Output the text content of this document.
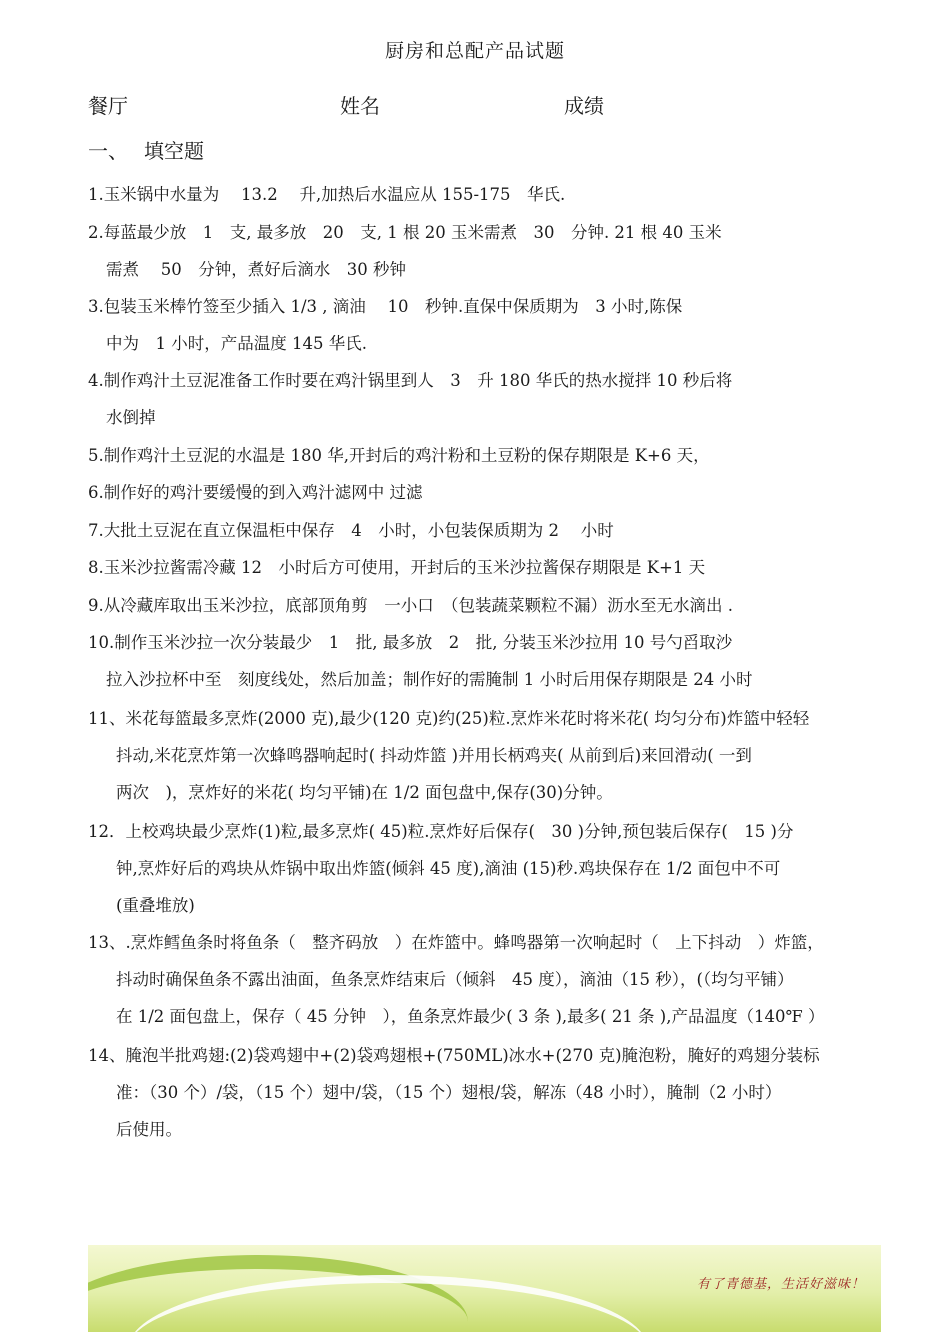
厨房和总配产品试题
餐厅	姓名	成绩
一、 填空题
1.玉米锅中水量为　 13.2　 升,加热后水温应从 155-175　华氏.
2.每蓝最少放　1　支, 最多放　20　支, 1 根 20 玉米需煮　30　分钟. 21 根 40 玉米
需煮　 50　分钟，煮好后滴水　30 秒钟
3.包装玉米棒竹签至少插入 1/3 , 滴油　 10　秒钟.直保中保质期为　3 小时,陈保
中为　1 小时，产品温度 145 华氏.
4.制作鸡汁土豆泥准备工作时要在鸡汁锅里到人　3　升 180 华氏的热水搅拌 10 秒后将
水倒掉
5.制作鸡汁土豆泥的水温是 180 华,开封后的鸡汁粉和土豆粉的保存期限是 K+6 天，
6.制作好的鸡汁要缓慢的到入鸡汁滤网中 过滤
7.大批土豆泥在直立保温柜中保存　4　小时，小包装保质期为 2　 小时
8.玉米沙拉酱需冷藏 12　小时后方可使用，开封后的玉米沙拉酱保存期限是 K+1 天
9.从冷藏库取出玉米沙拉，底部顶角剪　一小口　（包装蔬菜颗粒不漏）沥水至无水滴出 .
10.制作玉米沙拉一次分装最少　1　批, 最多放　2　批, 分装玉米沙拉用 10 号勺舀取沙
拉入沙拉杯中至　刻度线处，然后加盖；制作好的需腌制 1 小时后用保存期限是 24 小时
11、米花每篮最多烹炸(2000 克),最少(120 克)约(25)粒.烹炸米花时将米花( 均匀分布)炸篮中轻轻
抖动,米花烹炸第一次蜂鸣器响起时( 抖动炸篮 )并用长柄鸡夹( 从前到后)来回滑动( 一到
两次　)，烹炸好的米花( 均匀平铺)在 1/2 面包盘中,保存(30)分钟。
12．上校鸡块最少烹炸(1)粒,最多烹炸( 45)粒.烹炸好后保存(　30 )分钟,预包装后保存(　15 )分
钟,烹炸好后的鸡块从炸锅中取出炸篮(倾斜 45 度),滴油 (15)秒.鸡块保存在 1/2 面包中不可
(重叠堆放)
13、.烹炸鳕鱼条时将鱼条（　整齐码放　）在炸篮中。蜂鸣器第一次响起时（　上下抖动　）炸篮，
抖动时确保鱼条不露出油面，鱼条烹炸结束后（倾斜　45 度），滴油（15 秒），(（均匀平铺）
在 1/2 面包盘上，保存（ 45 分钟　），鱼条烹炸最少( 3 条 ),最多( 21 条 ),产品温度（140℉ ）
14、腌泡半批鸡翅:(2)袋鸡翅中+(2)袋鸡翅根+(750ML)冰水+(270 克)腌泡粉，腌好的鸡翅分装标
准：（30 个）/袋，（15 个）翅中/袋，（15 个）翅根/袋，解冻（48 小时），腌制（2 小时）
后使用。
有了青德基，生活好滋味！
